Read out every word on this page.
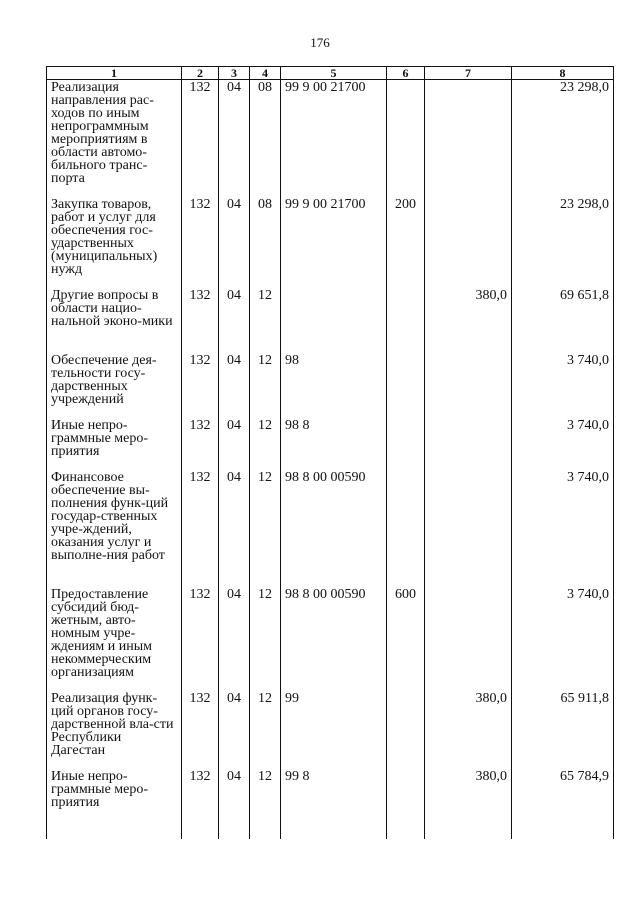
176
1	2	3	4	5	6	7	8
Реализация направления рас-ходов по иным непрограммным мероприятиям в области автомо-бильного транс-порта	132	04	08	99 9 00 21700			23 298,0
Закупка товаров, работ и услуг для обеспечения гос-ударственных (муниципальных) нужд	132	04	08	99 9 00 21700	200		23 298,0
Другие вопросы в области нацио-нальной эконо-мики	132	04	12			380,0	69 651,8
Обеспечение дея-тельности госу-дарственных учреждений	132	04	12	98			3 740,0
Иные непро-граммные меро-приятия	132	04	12	98 8			3 740,0
Финансовое обеспечение вы-полнения функ-ций государ-ственных учре-ждений, оказания услуг и выполне-ния работ	132	04	12	98 8 00 00590			3 740,0
Предоставление субсидий бюд-жетным, авто-номным учре-ждениям и иным некоммерческим организациям	132	04	12	98 8 00 00590	600		3 740,0
Реализация функ-ций органов госу-дарственной вла-сти Республики Дагестан	132	04	12	99		380,0	65 911,8
Иные непро-граммные меро-приятия	132	04	12	99 8		380,0	65 784,9
